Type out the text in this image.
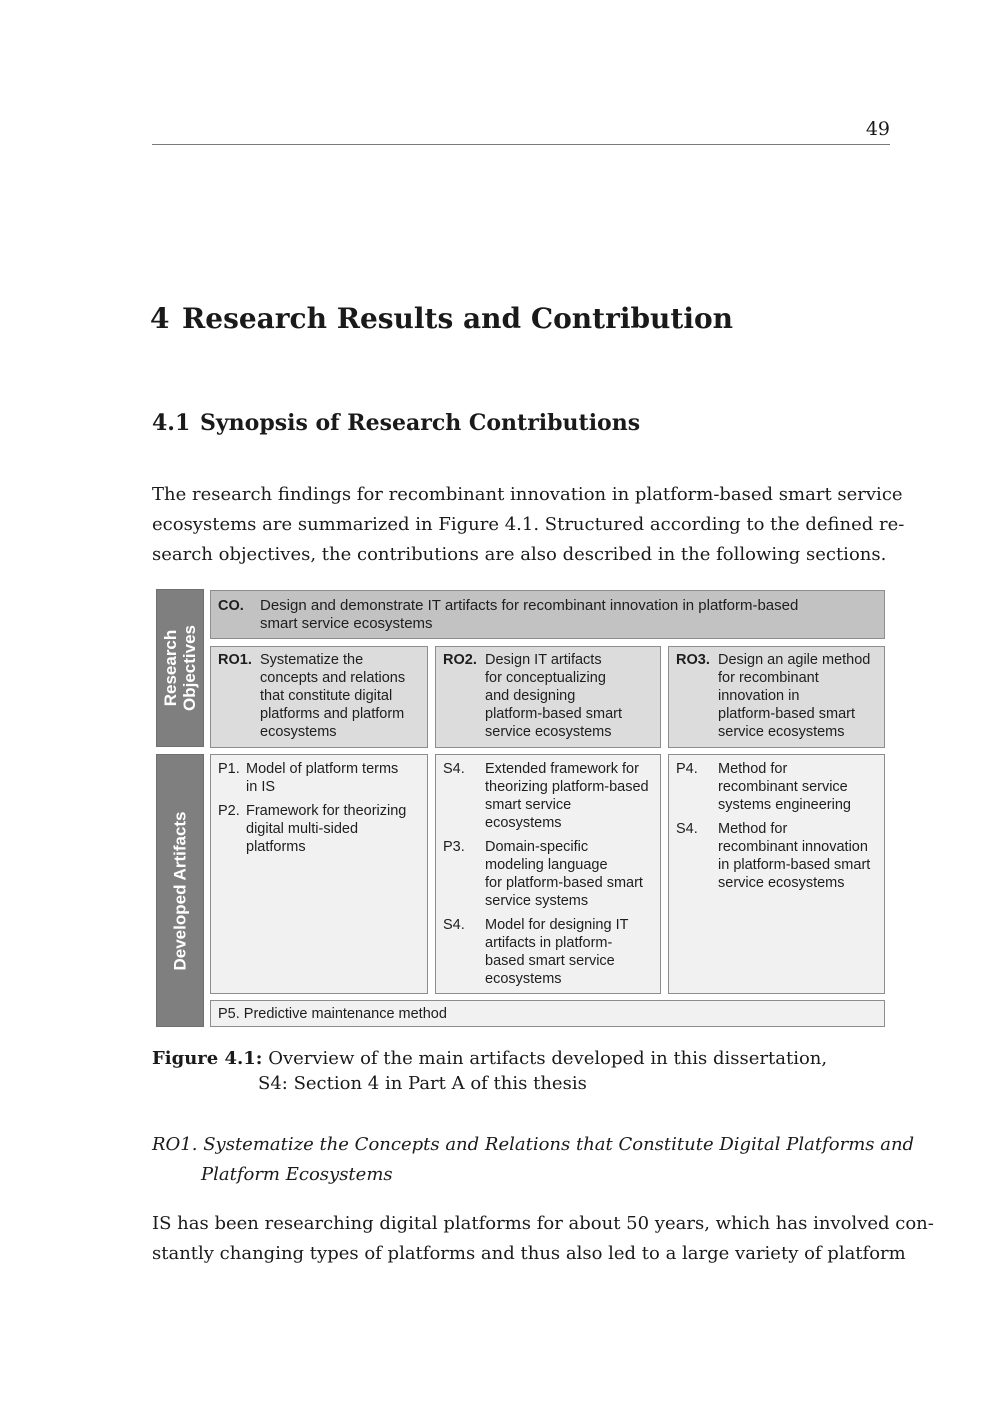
49
4 Research Results and Contribution
4.1 Synopsis of Research Contributions
The research findings for recombinant innovation in platform-based smart service
ecosystems are summarized in Figure 4.1. Structured according to the defined re-
search objectives, the contributions are also described in the following sections.
Research Objectives
Developed Artifacts
CO. Design and demonstrate IT artifacts for recombinant innovation in platform-based
smart service ecosystems
RO1. Systematize the
concepts and relations
that constitute digital
platforms and platform
ecosystems
RO2. Design IT artifacts
for conceptualizing
and designing
platform-based smart
service ecosystems
RO3. Design an agile method
for recombinant
innovation in
platform-based smart
service ecosystems
P1. Model of platform terms
in IS
P2. Framework for theorizing
digital multi-sided
platforms
S4. Extended framework for
theorizing platform-based
smart service
ecosystems
P3. Domain-specific
modeling language
for platform-based smart
service systems
S4. Model for designing IT
artifacts in platform-
based smart service
ecosystems
P4. Method for
recombinant service
systems engineering
S4. Method for
recombinant innovation
in platform-based smart
service ecosystems
P5. Predictive maintenance method
Figure 4.1: Overview of the main artifacts developed in this dissertation,
S4: Section 4 in Part A of this thesis
RO1. Systematize the Concepts and Relations that Constitute Digital Platforms and
Platform Ecosystems
IS has been researching digital platforms for about 50 years, which has involved con-
stantly changing types of platforms and thus also led to a large variety of platform
